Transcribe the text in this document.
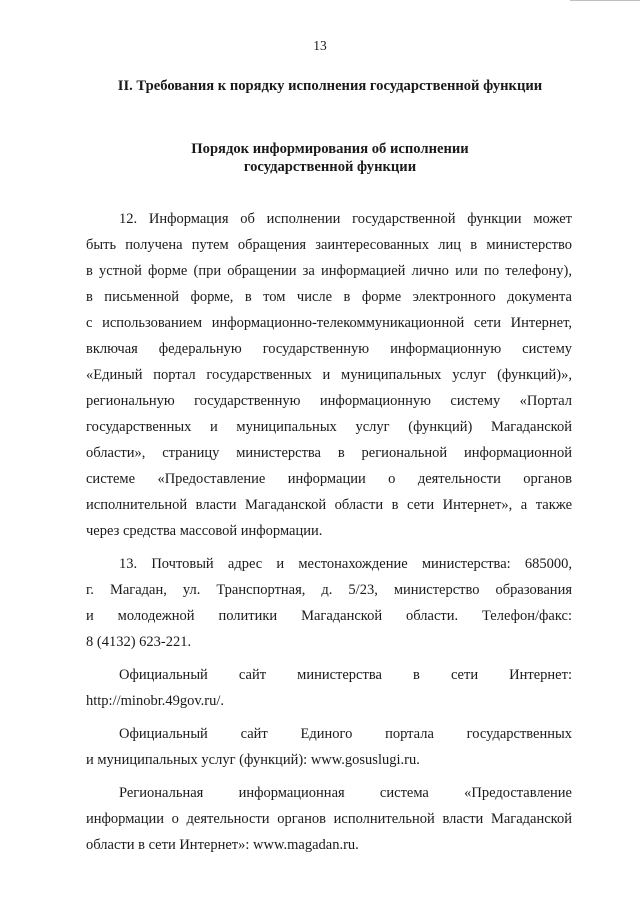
13
II. Требования к порядку исполнения государственной функции
Порядок информирования об исполнении
государственной функции
12. Информация об исполнении государственной функции может
быть получена путем обращения заинтересованных лиц в министерство
в устной форме (при обращении за информацией лично или по телефону),
в письменной форме, в том числе в форме электронного документа
с использованием информационно-телекоммуникационной сети Интернет,
включая федеральную государственную информационную систему
«Единый портал государственных и муниципальных услуг (функций)»,
региональную государственную информационную систему «Портал
государственных и муниципальных услуг (функций) Магаданской
области», страницу министерства в региональной информационной
системе «Предоставление информации о деятельности органов
исполнительной власти Магаданской области в сети Интернет», а также
через средства массовой информации.
13. Почтовый адрес и местонахождение министерства: 685000,
г. Магадан, ул. Транспортная, д. 5/23, министерство образования
и молодежной политики Магаданской области. Телефон/факс:
8 (4132) 623-221.
Официальный сайт министерства в сети Интернет:
http://minobr.49gov.ru/.
Официальный сайт Единого портала государственных
и муниципальных услуг (функций): www.gosuslugi.ru.
Региональная информационная система «Предоставление
информации о деятельности органов исполнительной власти Магаданской
области в сети Интернет»: www.magadan.ru.
